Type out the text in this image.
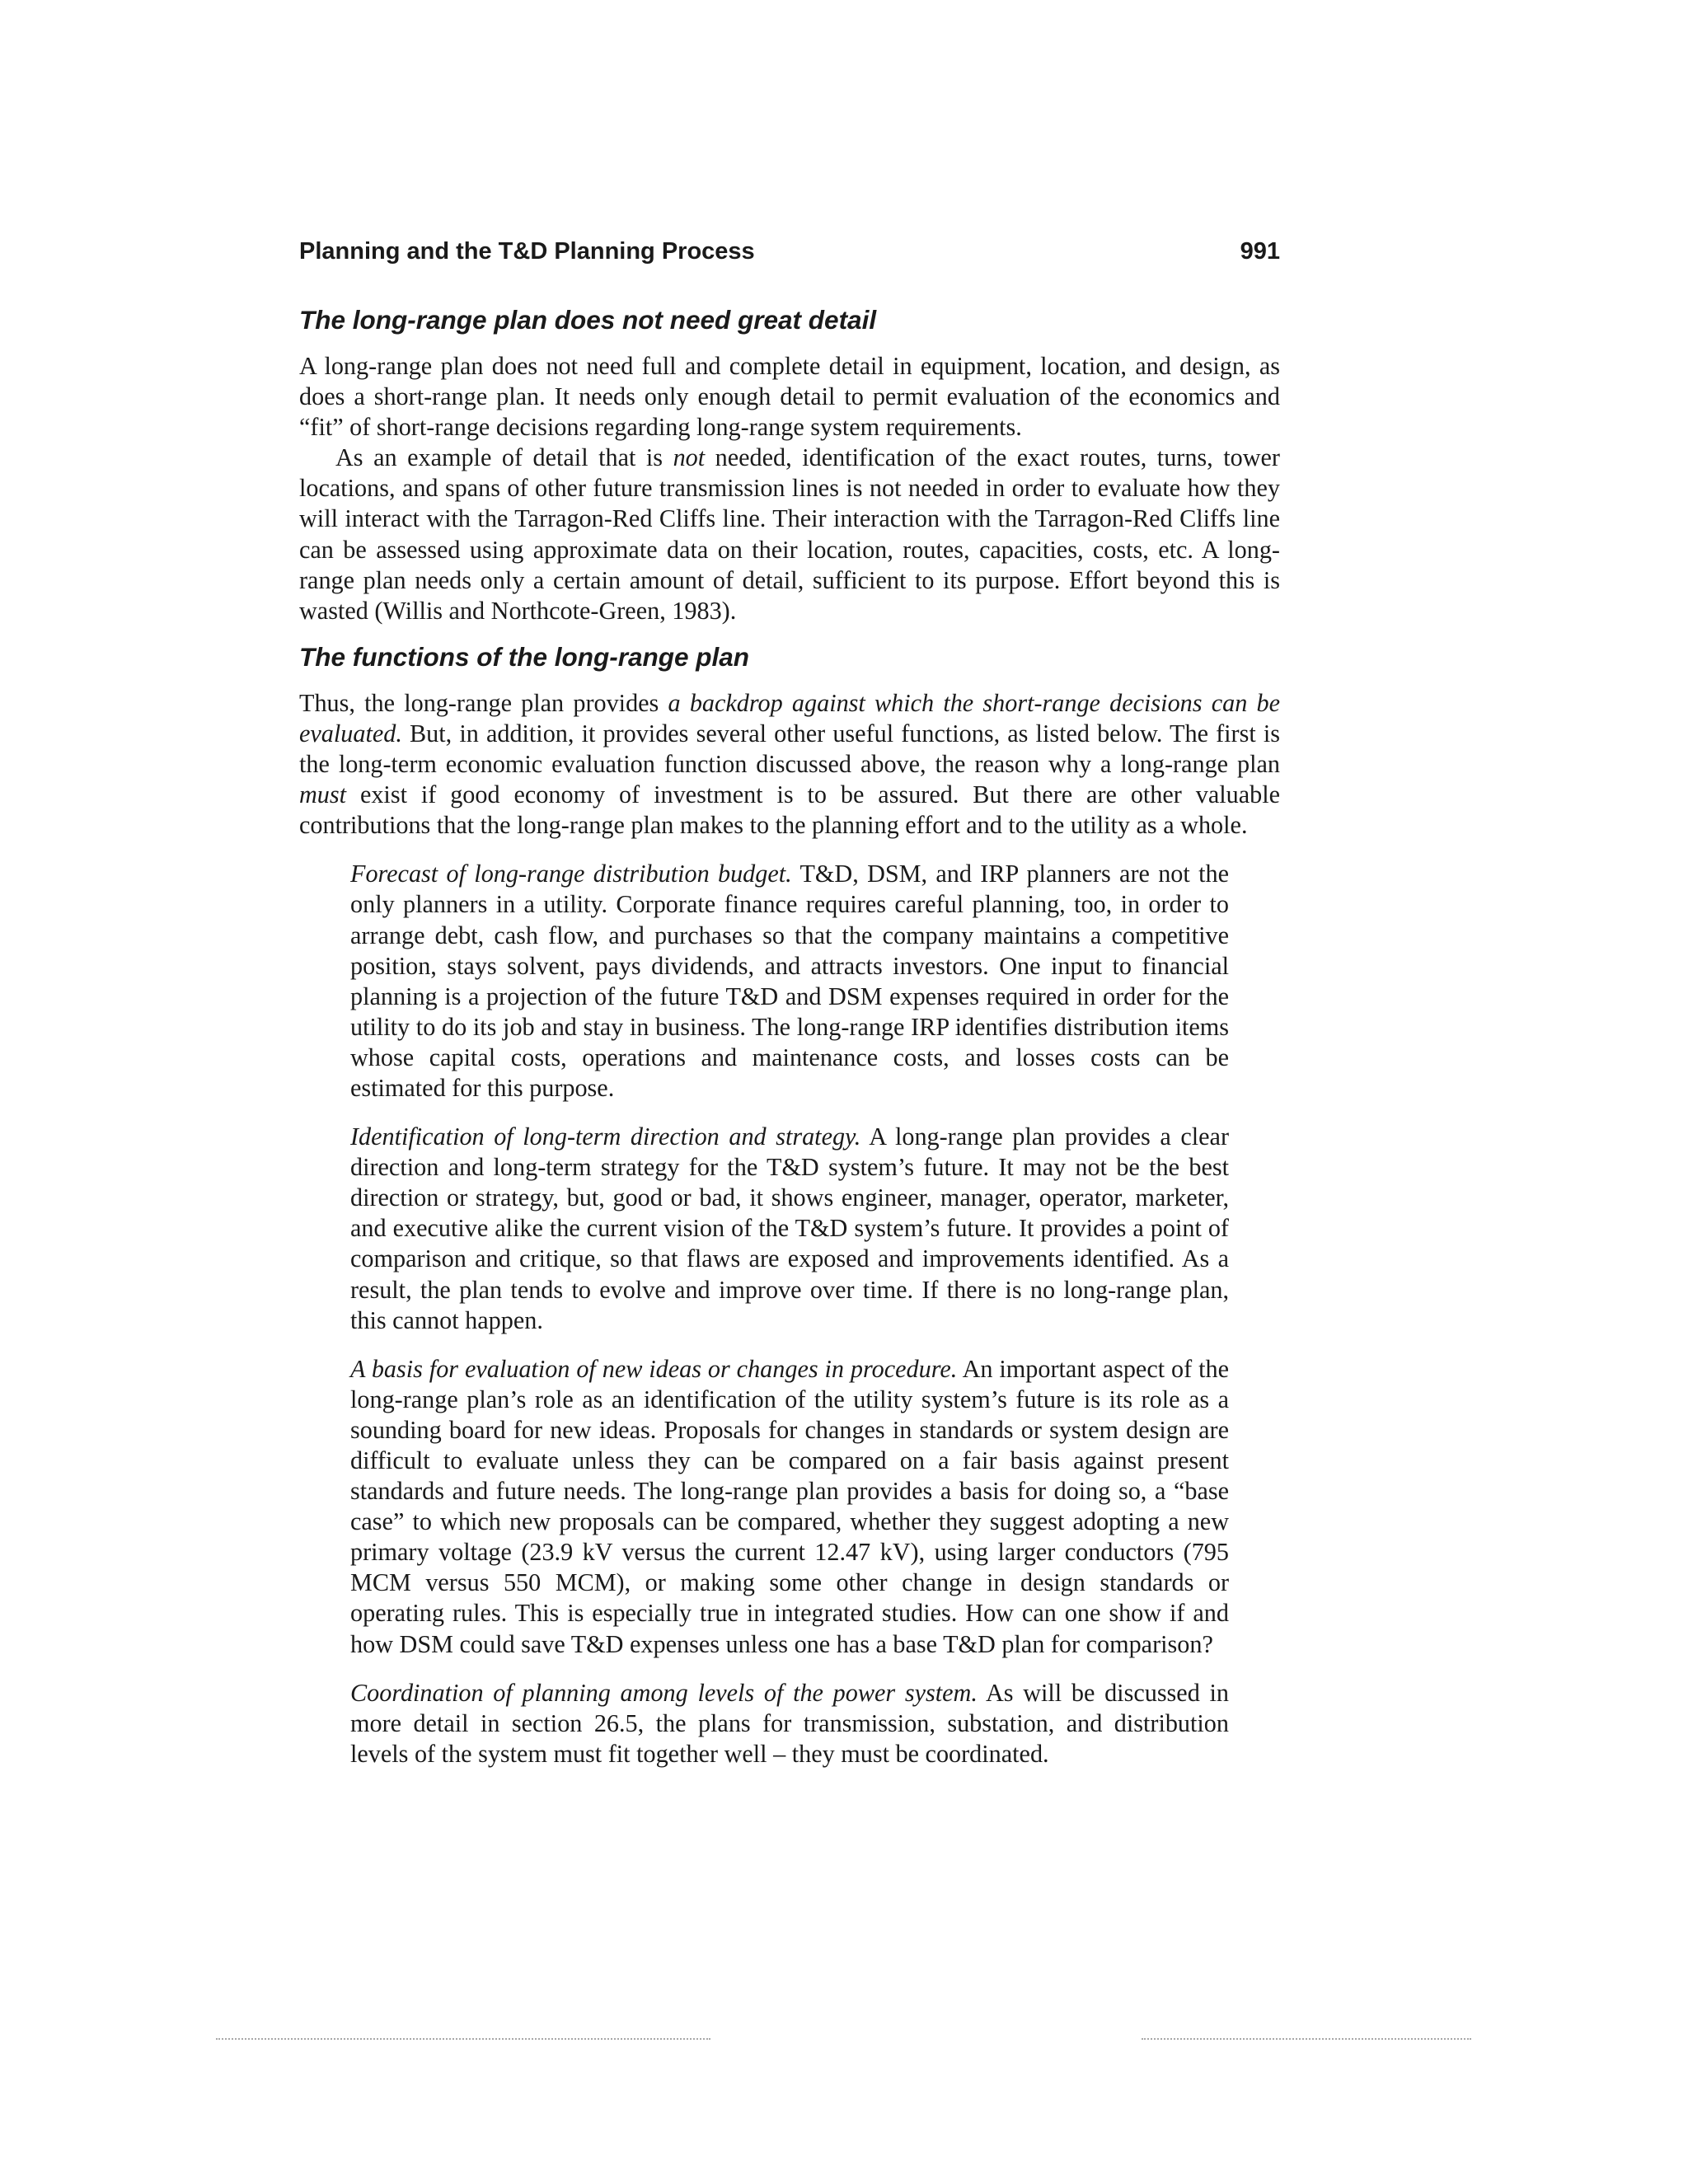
Planning and the T&D Planning Process	991
The long-range plan does not need great detail

A long-range plan does not need full and complete detail in equipment, location, and design, as does a short-range plan. It needs only enough detail to permit evaluation of the economics and “fit” of short-range decisions regarding long-range system requirements.

As an example of detail that is not needed, identification of the exact routes, turns, tower locations, and spans of other future transmission lines is not needed in order to evaluate how they will interact with the Tarragon-Red Cliffs line. Their interaction with the Tarragon-Red Cliffs line can be assessed using approximate data on their location, routes, capacities, costs, etc. A long-range plan needs only a certain amount of detail, sufficient to its purpose. Effort beyond this is wasted (Willis and Northcote-Green, 1983).

The functions of the long-range plan

Thus, the long-range plan provides a backdrop against which the short-range decisions can be evaluated. But, in addition, it provides several other useful functions, as listed below. The first is the long-term economic evaluation function discussed above, the reason why a long-range plan must exist if good economy of investment is to be assured. But there are other valuable contributions that the long-range plan makes to the planning effort and to the utility as a whole.

Forecast of long-range distribution budget. T&D, DSM, and IRP planners are not the only planners in a utility. Corporate finance requires careful planning, too, in order to arrange debt, cash flow, and purchases so that the company maintains a competitive position, stays solvent, pays dividends, and attracts investors. One input to financial planning is a projection of the future T&D and DSM expenses required in order for the utility to do its job and stay in business. The long-range IRP identifies distribution items whose capital costs, operations and maintenance costs, and losses costs can be estimated for this purpose.

Identification of long-term direction and strategy. A long-range plan provides a clear direction and long-term strategy for the T&D system’s future. It may not be the best direction or strategy, but, good or bad, it shows engineer, manager, operator, marketer, and executive alike the current vision of the T&D system’s future. It provides a point of comparison and critique, so that flaws are exposed and improvements identified. As a result, the plan tends to evolve and improve over time. If there is no long-range plan, this cannot happen.

A basis for evaluation of new ideas or changes in procedure. An important aspect of the long-range plan’s role as an identification of the utility system’s future is its role as a sounding board for new ideas. Proposals for changes in standards or system design are difficult to evaluate unless they can be compared on a fair basis against present standards and future needs. The long-range plan provides a basis for doing so, a “base case” to which new proposals can be compared, whether they suggest adopting a new primary voltage (23.9 kV versus the current 12.47 kV), using larger conductors (795 MCM versus 550 MCM), or making some other change in design standards or operating rules. This is especially true in integrated studies. How can one show if and how DSM could save T&D expenses unless one has a base T&D plan for comparison?

Coordination of planning among levels of the power system. As will be discussed in more detail in section 26.5, the plans for transmission, substation, and distribution levels of the system must fit together well – they must be coordinated.
